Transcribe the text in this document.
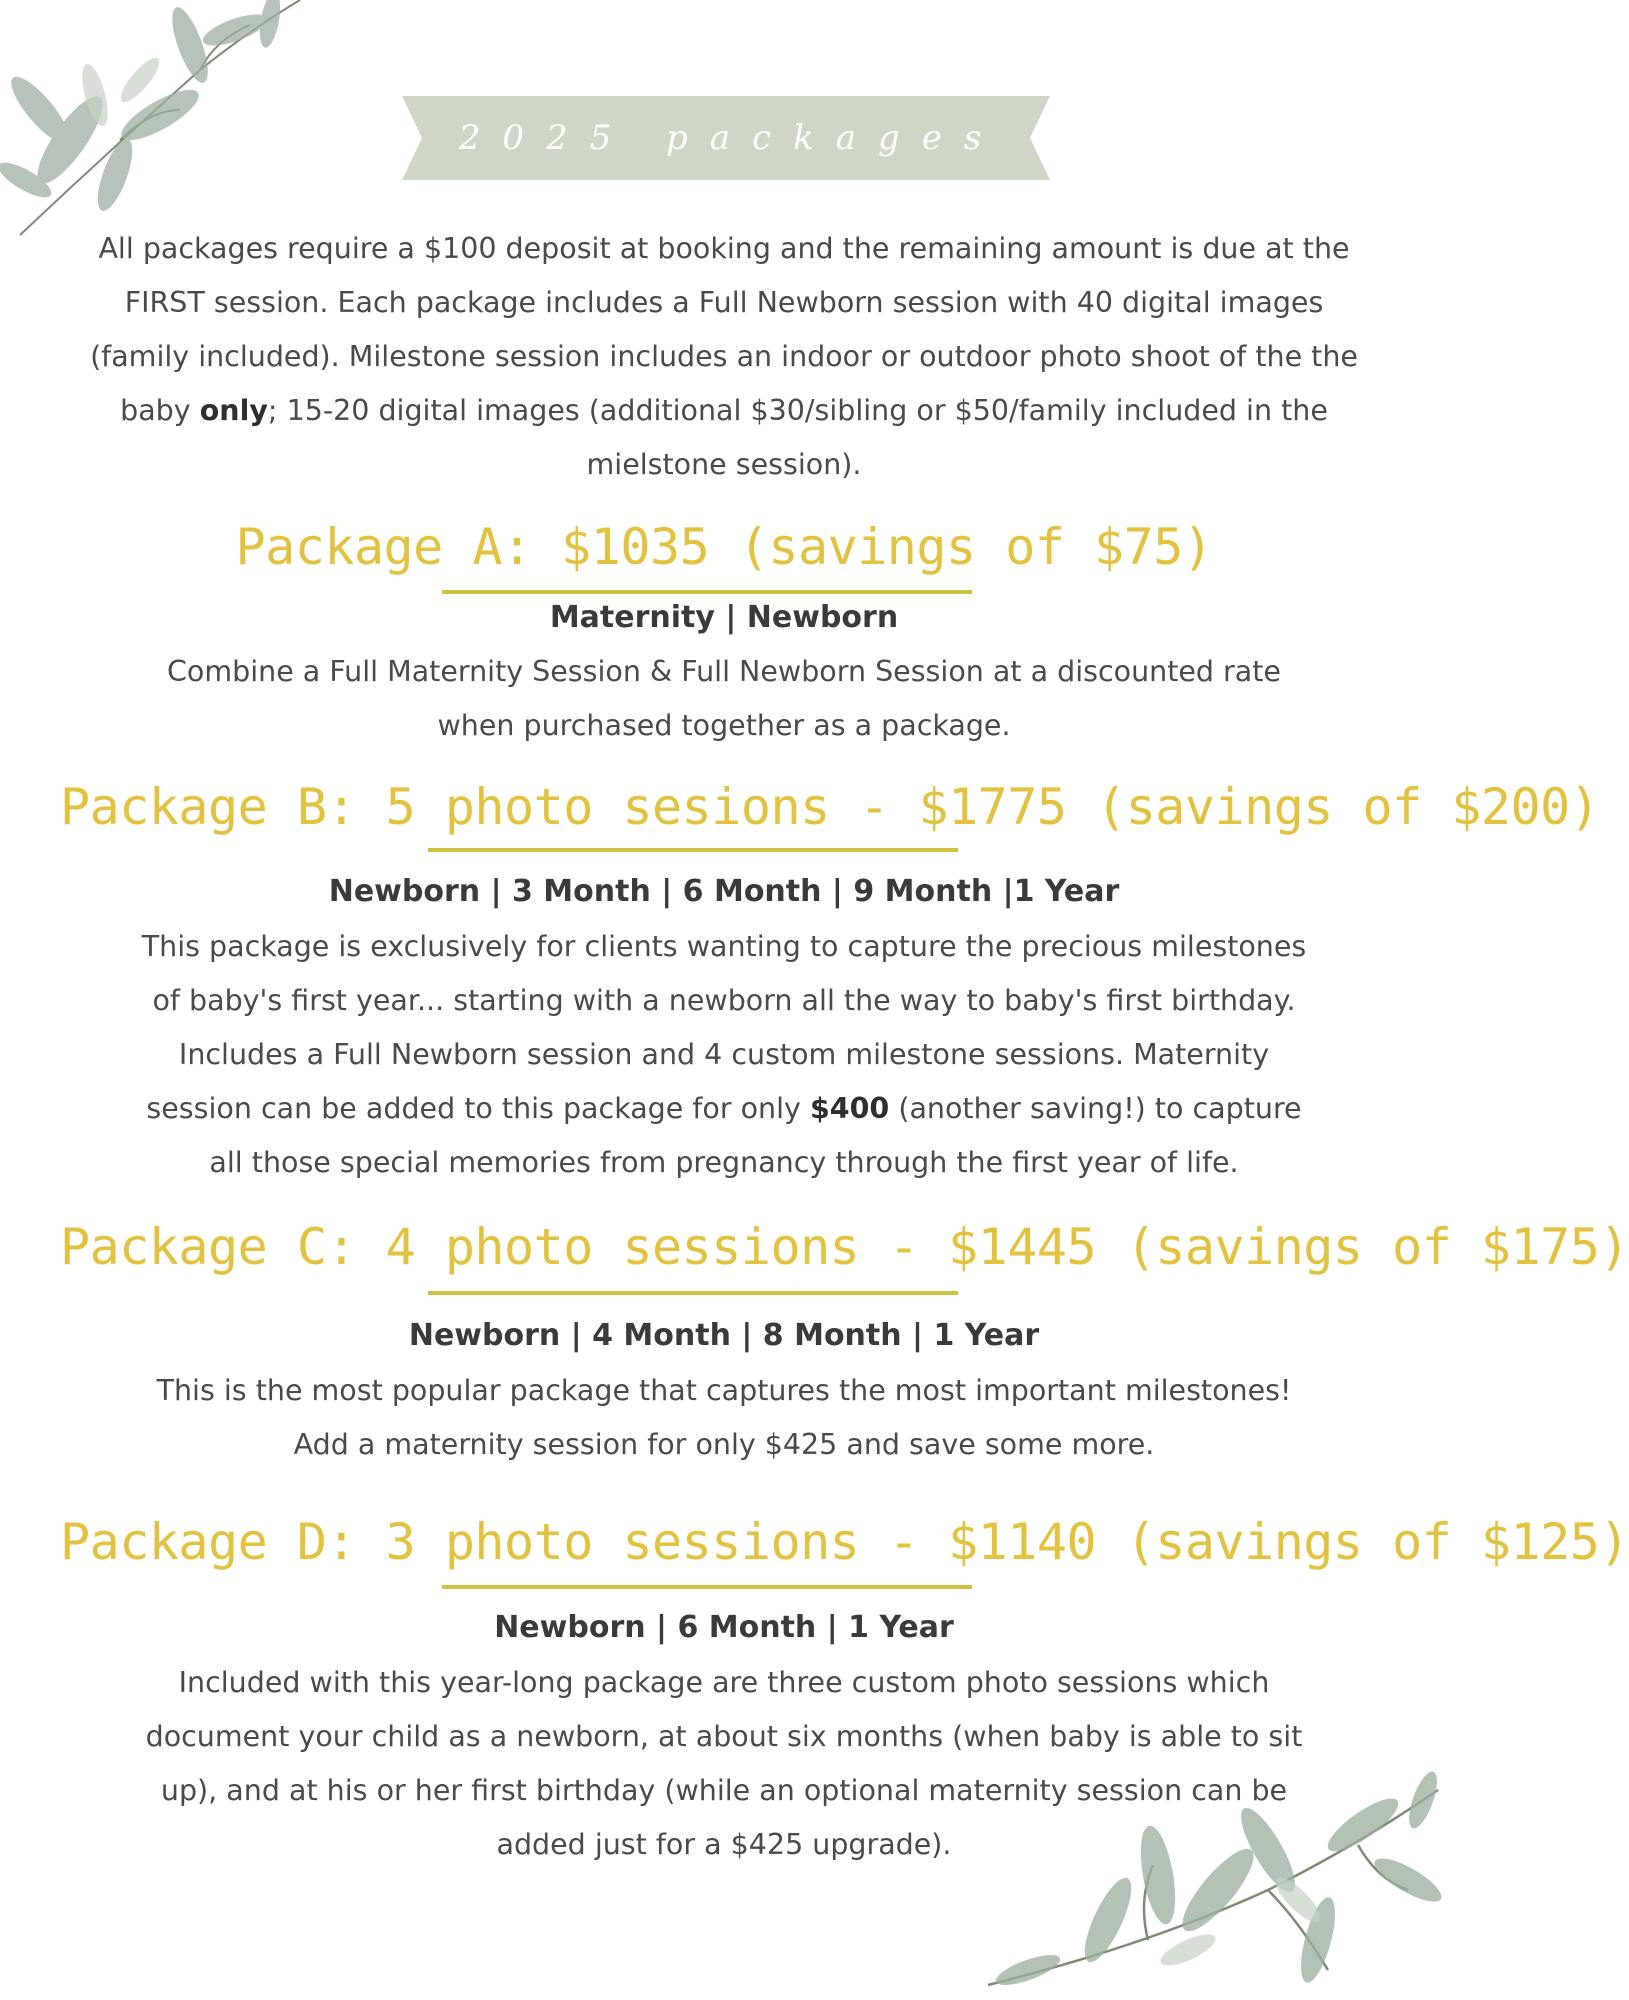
2025 packages

All packages require a $100 deposit at booking and the remaining amount is due at the FIRST session. Each package includes a Full Newborn session with 40 digital images (family included). Milestone session includes an indoor or outdoor photo shoot of the the baby only; 15-20 digital images (additional $30/sibling or $50/family included in the mielstone session).

Package A: $1035 (savings of $75)

Maternity | Newborn

Combine a Full Maternity Session & Full Newborn Session at a discounted rate when purchased together as a package.

Package B: 5 photo sesions - $1775 (savings of $200)

Newborn | 3 Month | 6 Month | 9 Month |1 Year

This package is exclusively for clients wanting to capture the precious milestones of baby's first year... starting with a newborn all the way to baby's first birthday. Includes a Full Newborn session and 4 custom milestone sessions. Maternity session can be added to this package for only $400 (another saving!) to capture all those special memories from pregnancy through the first year of life.

Package C: 4 photo sessions - $1445 (savings of $175)

Newborn | 4 Month | 8 Month | 1 Year

This is the most popular package that captures the most important milestones! Add a maternity session for only $425 and save some more.

Package D: 3 photo sessions - $1140 (savings of $125)

Newborn | 6 Month | 1 Year

Included with this year-long package are three custom photo sessions which document your child as a newborn, at about six months (when baby is able to sit up), and at his or her first birthday (while an optional maternity session can be added just for a $425 upgrade).
